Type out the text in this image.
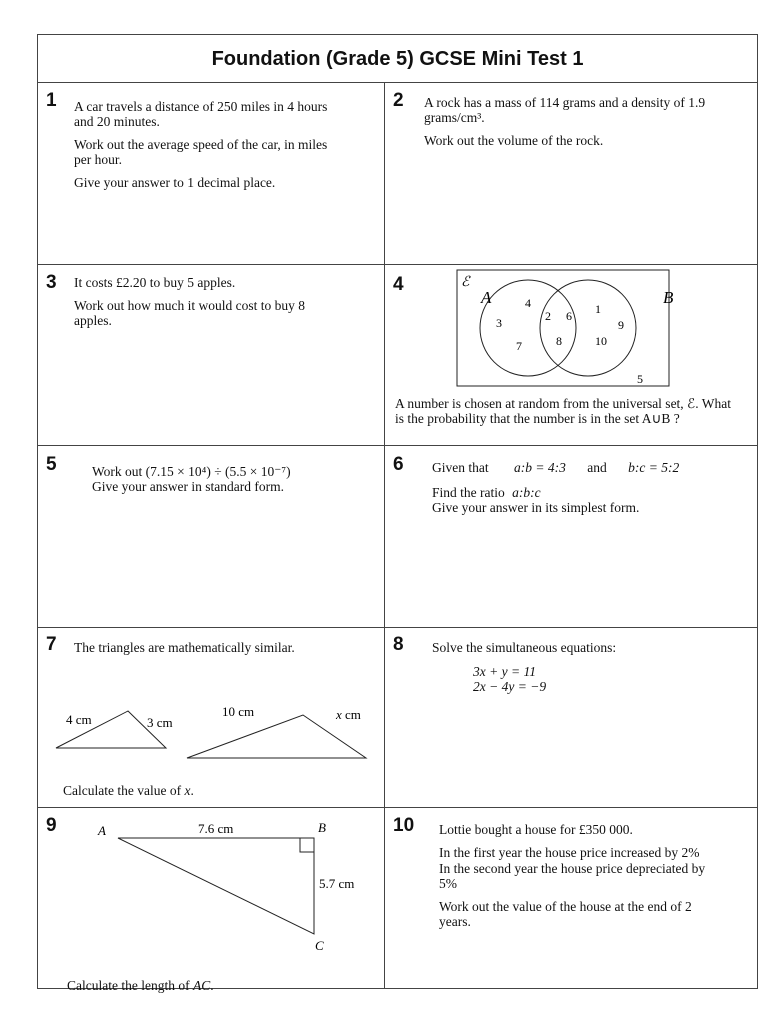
Foundation (Grade 5) GCSE Mini Test 1
1 A car travels a distance of 250 miles in 4 hours and 20 minutes.

Work out the average speed of the car, in miles per hour.

Give your answer to 1 decimal place.

2 A rock has a mass of 114 grams and a density of 1.9 grams/cm³.

Work out the volume of the rock.

3 It costs £2.20 to buy 5 apples.

Work out how much it would cost to buy 8 apples.

4	ℰ
A	B
4
3
7
2 6
8
1
9
10
5
A number is chosen at random from the universal set, ℰ. What is the probability that the number is in the set A∪B ?
5	Work out (7.15 × 10⁴) ÷ (5.5 × 10⁻⁷)
Give your answer in standard form.
6 Given that a:b = 4:3 and b:c = 5:2
Find the ratio a:b:c
Give your answer in its simplest form.
7 The triangles are mathematically similar.
4 cm	3 cm
10 cm	x cm
Calculate the value of x.
8 Solve the simultaneous equations:
3x + y = 11
2x − 4y = −9
9	A	B
C
7.6 cm
5.7 cm
Calculate the length of AC.
10 Lottie bought a house for £350 000.

In the first year the house price increased by 2%

In the second year the house price depreciated by 5%

Work out the value of the house at the end of 2 years.
